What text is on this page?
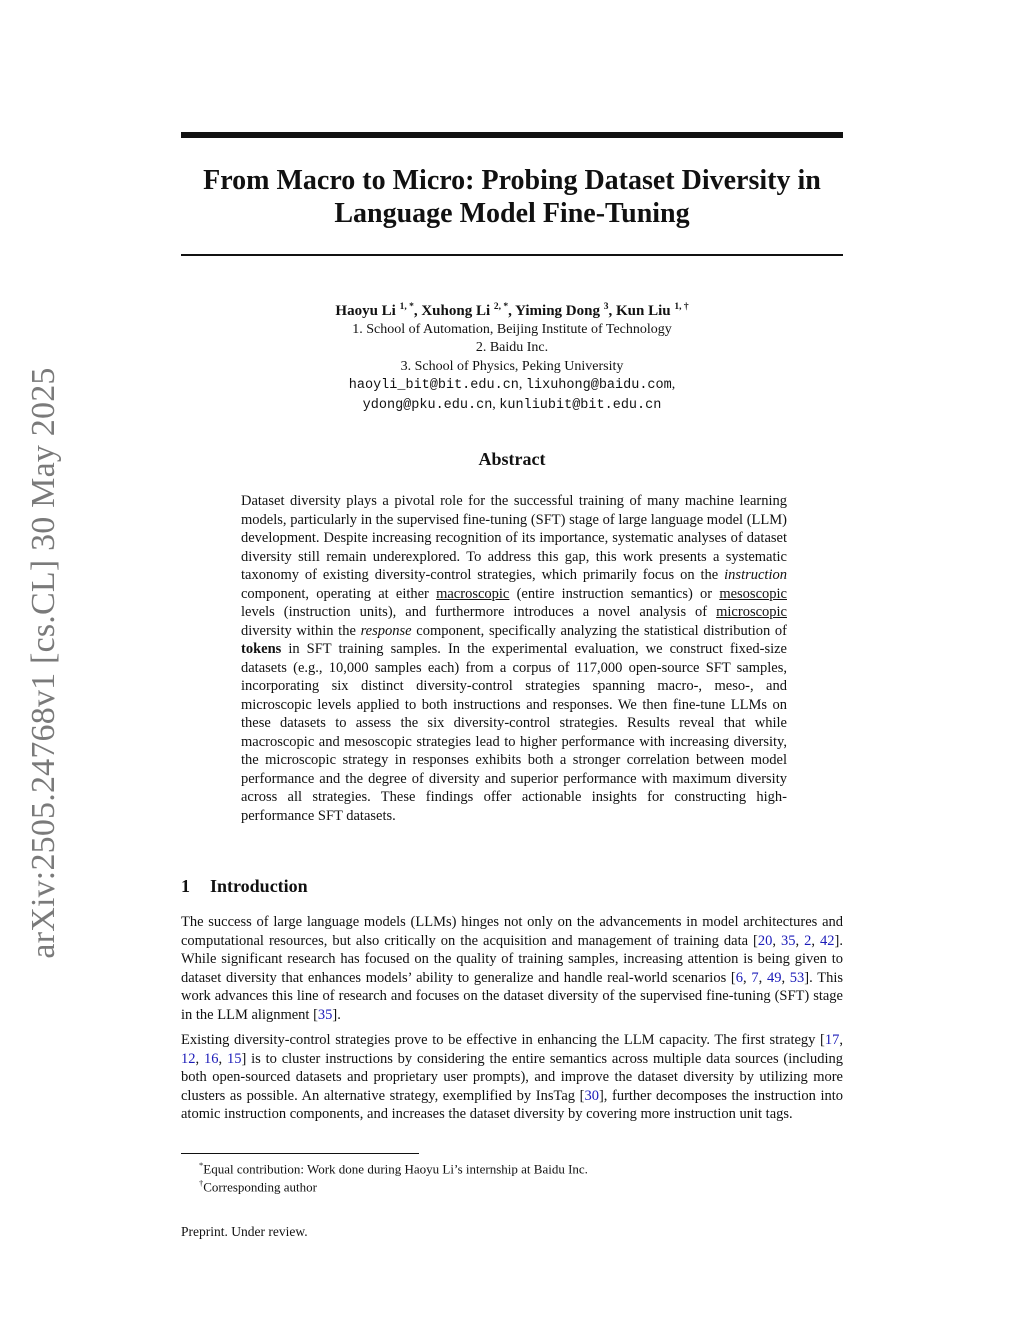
arXiv:2505.24768v1 [cs.CL] 30 May 2025
From Macro to Micro: Probing Dataset Diversity in
Language Model Fine-Tuning
Haoyu Li $^{1, *}$, Xuhong Li $^{2, *}$, Yiming Dong $^3$, Kun Liu $^{1, \dagger}$
1. School of Automation, Beijing Institute of Technology
2. Baidu Inc.
3. School of Physics, Peking University
haoyli_bit@bit.edu.cn, lixuhong@baidu.com,
ydong@pku.edu.cn, kunliubit@bit.edu.cn
Abstract

Dataset diversity plays a pivotal role for the successful training of many machine learning models, particularly in the supervised fine-tuning (SFT) stage of large language model (LLM) development. Despite increasing recognition of its importance, systematic analyses of dataset diversity still remain underexplored. To address this gap, this work presents a systematic taxonomy of existing diversity-control strategies, which primarily focus on the instruction component, operating at either macroscopic (entire instruction semantics) or mesoscopic levels (instruction units), and furthermore introduces a novel analysis of microscopic diversity within the response component, specifically analyzing the statistical distribution of tokens in SFT training samples. In the experimental evaluation, we construct fixed-size datasets (e.g., 10,000 samples each) from a corpus of 117,000 open-source SFT samples, incorporating six distinct diversity-control strategies spanning macro-, meso-, and microscopic levels applied to both instructions and responses. We then fine-tune LLMs on these datasets to assess the six diversity-control strategies. Results reveal that while macroscopic and mesoscopic strategies lead to higher performance with increasing diversity, the microscopic strategy in responses exhibits both a stronger correlation between model performance and the degree of diversity and superior performance with maximum diversity across all strategies. These findings offer actionable insights for constructing high-performance SFT datasets.

1 Introduction

The success of large language models (LLMs) hinges not only on the advancements in model architectures and computational resources, but also critically on the acquisition and management of training data [20, 35, 2, 42]. While significant research has focused on the quality of training samples, increasing attention is being given to dataset diversity that enhances models’ ability to generalize and handle real-world scenarios [6, 7, 49, 53]. This work advances this line of research and focuses on the dataset diversity of the supervised fine-tuning (SFT) stage in the LLM alignment [35].

Existing diversity-control strategies prove to be effective in enhancing the LLM capacity. The first strategy [17, 12, 16, 15] is to cluster instructions by considering the entire semantics across multiple data sources (including both open-sourced datasets and proprietary user prompts), and improve the dataset diversity by utilizing more clusters as possible. An alternative strategy, exemplified by InsTag [30], further decomposes the instruction into atomic instruction components, and increases the dataset diversity by covering more instruction unit tags.

*Equal contribution: Work done during Haoyu Li’s internship at Baidu Inc.

†Corresponding author

Preprint. Under review.
